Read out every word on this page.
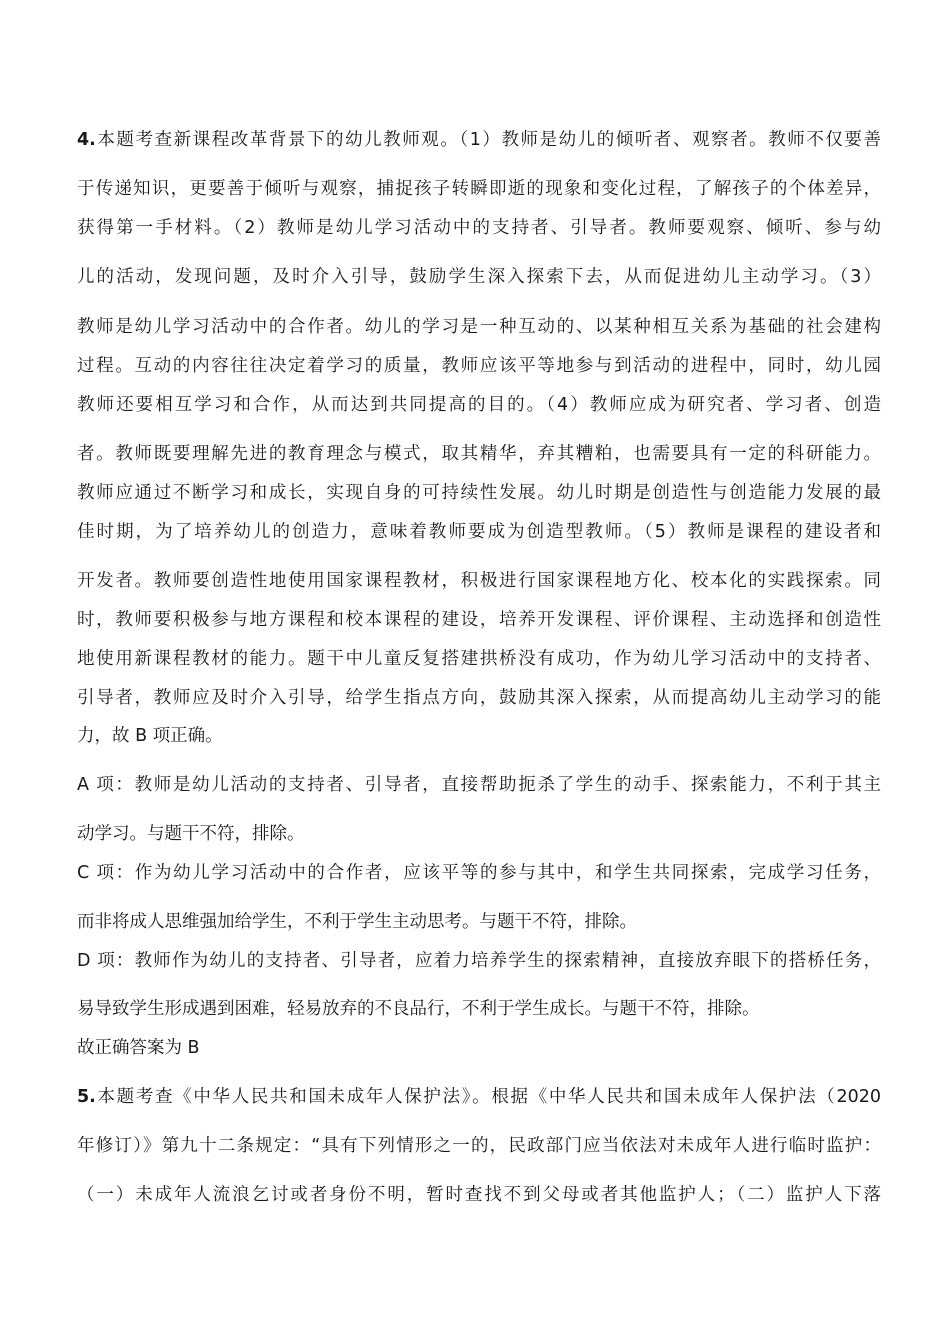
4.本题考查新课程改革背景下的幼儿教师观。（1）教师是幼儿的倾听者、观察者。教师不仅要善
于传递知识，更要善于倾听与观察，捕捉孩子转瞬即逝的现象和变化过程，了解孩子的个体差异，
获得第一手材料。（2）教师是幼儿学习活动中的支持者、引导者。教师要观察、倾听、参与幼
儿的活动，发现问题，及时介入引导，鼓励学生深入探索下去，从而促进幼儿主动学习。（3）
教师是幼儿学习活动中的合作者。幼儿的学习是一种互动的、以某种相互关系为基础的社会建构
过程。互动的内容往往决定着学习的质量，教师应该平等地参与到活动的进程中，同时，幼儿园
教师还要相互学习和合作，从而达到共同提高的目的。（4）教师应成为研究者、学习者、创造
者。教师既要理解先进的教育理念与模式，取其精华，弃其糟粕，也需要具有一定的科研能力。
教师应通过不断学习和成长，实现自身的可持续性发展。幼儿时期是创造性与创造能力发展的最
佳时期，为了培养幼儿的创造力，意味着教师要成为创造型教师。（5）教师是课程的建设者和
开发者。教师要创造性地使用国家课程教材，积极进行国家课程地方化、校本化的实践探索。同
时，教师要积极参与地方课程和校本课程的建设，培养开发课程、评价课程、主动选择和创造性
地使用新课程教材的能力。题干中儿童反复搭建拱桥没有成功，作为幼儿学习活动中的支持者、
引导者，教师应及时介入引导，给学生指点方向，鼓励其深入探索，从而提高幼儿主动学习的能
力，故 B 项正确。
A 项：教师是幼儿活动的支持者、引导者，直接帮助扼杀了学生的动手、探索能力，不利于其主
动学习。与题干不符，排除。
C 项：作为幼儿学习活动中的合作者，应该平等的参与其中，和学生共同探索，完成学习任务，
而非将成人思维强加给学生，不利于学生主动思考。与题干不符，排除。
D 项：教师作为幼儿的支持者、引导者，应着力培养学生的探索精神，直接放弃眼下的搭桥任务，
易导致学生形成遇到困难，轻易放弃的不良品行，不利于学生成长。与题干不符，排除。
故正确答案为 B
5.本题考查《中华人民共和国未成年人保护法》。根据《中华人民共和国未成年人保护法（2020
年修订）》第九十二条规定：“具有下列情形之一的，民政部门应当依法对未成年人进行临时监护：
（一）未成年人流浪乞讨或者身份不明，暂时查找不到父母或者其他监护人；（二）监护人下落
